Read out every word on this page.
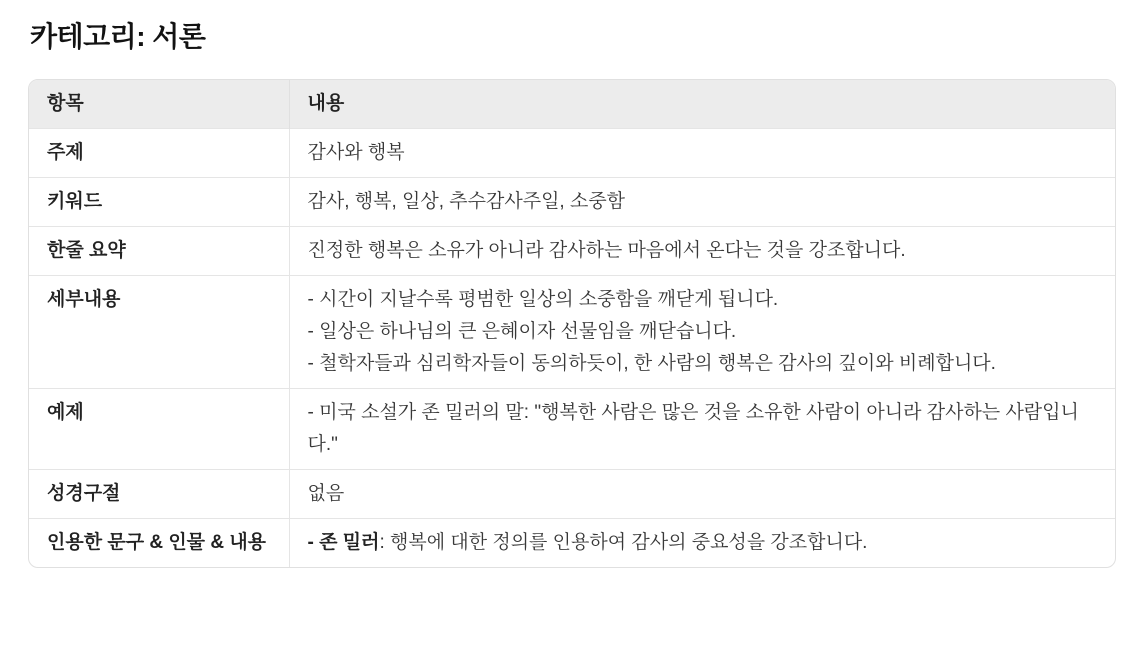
카테고리: 서론
항목	내용
주제	감사와 행복

키워드	감사, 행복, 일상, 추수감사주일, 소중함

한줄 요약	진정한 행복은 소유가 아니라 감사하는 마음에서 온다는 것을 강조합니다.

세부내용	- 시간이 지날수록 평범한 일상의 소중함을 깨닫게 됩니다.
- 일상은 하나님의 큰 은혜이자 선물임을 깨닫습니다.
- 철학자들과 심리학자들이 동의하듯이, 한 사람의 행복은 감사의 깊이와 비례합니다.

예제	- 미국 소설가 존 밀러의 말: "행복한 사람은 많은 것을 소유한 사람이 아니라 감사하는 사람입니다."

성경구절	없음

인용한 문구 & 인물 & 내용	- 존 밀러: 행복에 대한 정의를 인용하여 감사의 중요성을 강조합니다.
